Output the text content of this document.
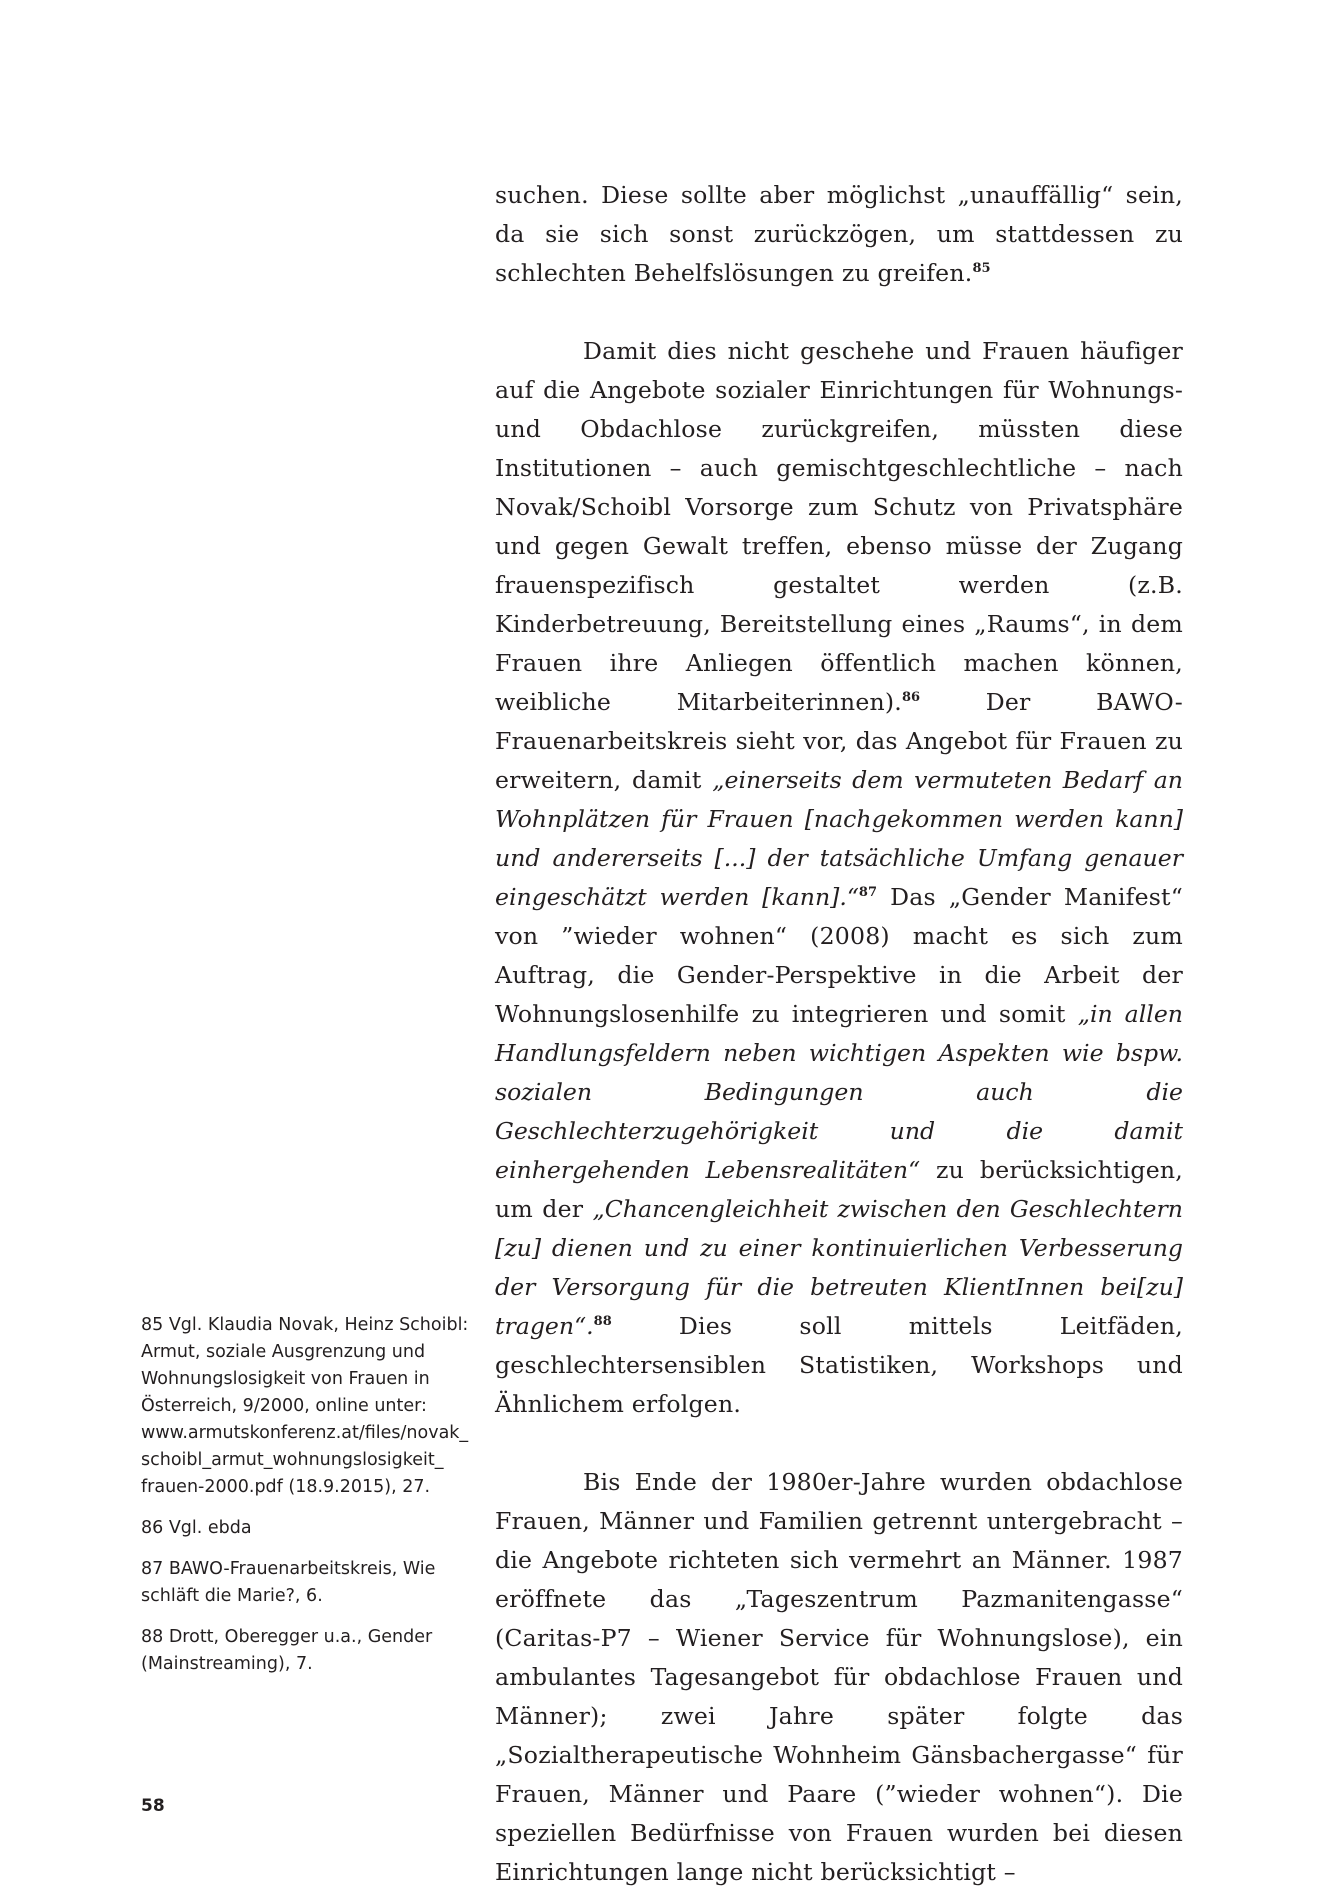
suchen. Diese sollte aber möglichst „unauffällig“ sein, da sie sich sonst zurückzögen, um stattdessen zu schlechten Behelfslösungen zu greifen.$^{85}$

Damit dies nicht geschehe und Frauen häufiger auf die Angebote sozialer Einrichtungen für Wohnungs- und Obdachlose zurückgreifen, müssten diese Institutionen – auch gemischtgeschlechtliche – nach Novak/Schoibl Vorsorge zum Schutz von Privatsphäre und gegen Gewalt treffen, ebenso müsse der Zugang frauenspezifisch gestaltet werden (z.B. Kinderbetreuung, Bereitstellung eines „Raums“, in dem Frauen ihre Anliegen öffentlich machen können, weibliche Mitarbeiterinnen).$^{86}$ Der BAWO-Frauenarbeitskreis sieht vor, das Angebot für Frauen zu erweitern, damit „einerseits dem vermuteten Bedarf an Wohnplätzen für Frauen [nachgekommen werden kann] und andererseits [...] der tatsächliche Umfang genauer eingeschätzt werden [kann].“$^{87}$ Das „Gender Manifest“ von ”wieder wohnen“ (2008) macht es sich zum Auftrag, die Gender-Perspektive in die Arbeit der Wohnungslosenhilfe zu integrieren und somit „in allen Handlungsfeldern neben wichtigen Aspekten wie bspw. sozialen Bedingungen auch die Geschlechterzugehörigkeit und die damit einhergehenden Lebensrealitäten“ zu berücksichtigen, um der „Chancengleichheit zwischen den Geschlechtern [zu] dienen und zu einer kontinuierlichen Verbesserung der Versorgung für die betreuten KlientInnen bei[zu] tragen“.$^{88}$ Dies soll mittels Leitfäden, geschlechtersensiblen Statistiken, Workshops und Ähnlichem erfolgen.

Bis Ende der 1980er-Jahre wurden obdachlose Frauen, Männer und Familien getrennt untergebracht – die Angebote richteten sich vermehrt an Männer. 1987 eröffnete das „Tageszentrum Pazmanitengasse“ (Caritas-P7 – Wiener Service für Wohnungslose), ein ambulantes Tagesangebot für obdachlose Frauen und Männer); zwei Jahre später folgte das „Sozialtherapeutische Wohnheim Gänsbachergasse“ für Frauen, Männer und Paare (”wieder wohnen“). Die speziellen Bedürfnisse von Frauen wurden bei diesen Einrichtungen lange nicht berücksichtigt –

85 Vgl. Klaudia Novak, Heinz Schoibl:
Armut, soziale Ausgrenzung und
Wohnungslosigkeit von Frauen in
Österreich, 9/2000, online unter:
www.armutskonferenz.at/files/novak_
schoibl_armut_wohnungslosigkeit_
frauen-2000.pdf (18.9.2015), 27.

86 Vgl. ebda

87 BAWO-Frauenarbeitskreis, Wie
schläft die Marie?, 6.

88 Drott, Oberegger u.a., Gender
(Mainstreaming), 7.

58
